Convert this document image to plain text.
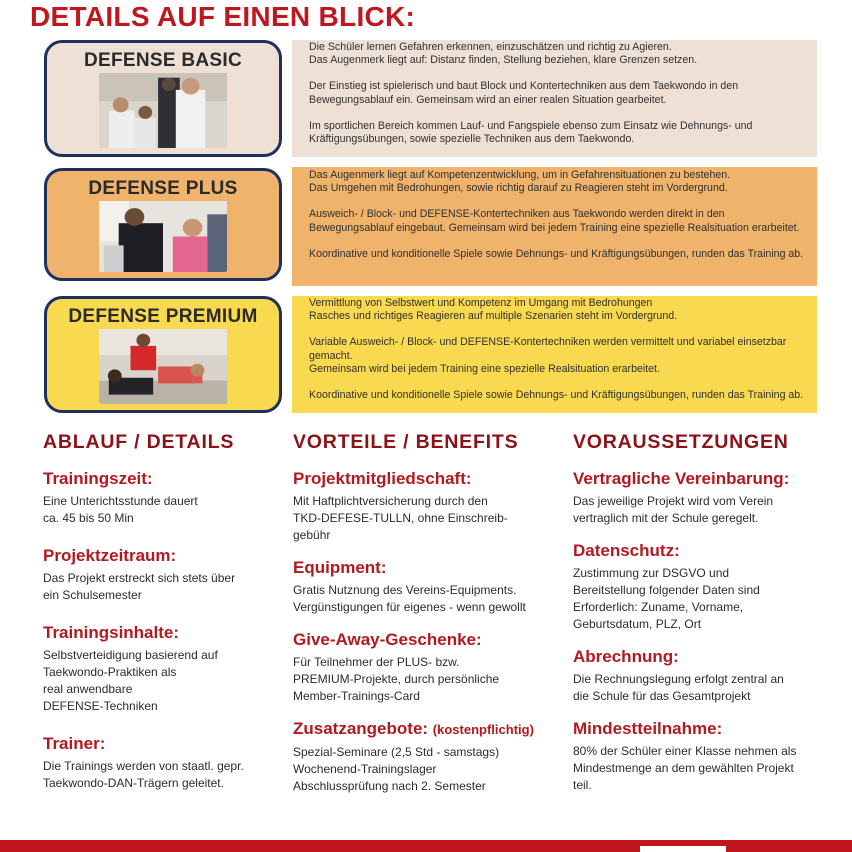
DETAILS AUF EINEN BLICK:
DEFENSE BASIC

Die Schüler lernen Gefahren erkennen, einzuschätzen und richtig zu Agieren.
Das Augenmerk liegt auf: Distanz finden, Stellung beziehen, klare Grenzen setzen.

Der Einstieg ist spielerisch und baut Block und Kontertechniken aus dem Taekwondo in den Bewegungsablauf ein. Gemeinsam wird an einer realen Situation gearbeitet.

Im sportlichen Bereich kommen Lauf- und Fangspiele ebenso zum Einsatz wie Dehnungs- und Kräftigungsübungen, sowie spezielle Techniken aus dem Taekwondo.

DEFENSE PLUS

Das Augenmerk liegt auf Kompetenzentwicklung, um in Gefahrensituationen zu bestehen.
Das Umgehen mit Bedrohungen, sowie richtig darauf zu Reagieren steht im Vordergrund.

Ausweich- / Block- und DEFENSE-Kontertechniken aus Taekwondo werden direkt in den Bewegungsablauf eingebaut. Gemeinsam wird bei jedem Training eine spezielle Realsituation erarbeitet.

Koordinative und konditionelle Spiele sowie Dehnungs- und Kräftigungsübungen, runden das Training ab.

DEFENSE PREMIUM

Vermittlung von Selbstwert und Kompetenz im Umgang mit Bedrohungen
Rasches und richtiges Reagieren auf multiple Szenarien steht im Vordergrund.

Variable Ausweich- / Block- und DEFENSE-Kontertechniken werden vermittelt und variabel einsetzbar gemacht.
Gemeinsam wird bei jedem Training eine spezielle Realsituation erarbeitet.

Koordinative und konditionelle Spiele sowie Dehnungs- und Kräftigungsübungen, runden das Training ab.

ABLAUF / DETAILS
Trainingszeit:
Eine Unterichtsstunde dauert
ca. 45 bis 50 Min
Projektzeitraum:
Das Projekt erstreckt sich stets über
ein Schulsemester
Trainingsinhalte:
Selbstverteidigung basierend auf
Taekwondo-Praktiken als
real anwendbare
DEFENSE-Techniken
Trainer:
Die Trainings werden von staatl. gepr.
Taekwondo-DAN-Trägern geleitet.
VORTEILE / BENEFITS
Projektmitgliedschaft:
Mit Haftplichtversicherung durch den
TKD-DEFESE-TULLN, ohne Einschreib-
gebühr
Equipment:
Gratis Nutznung des Vereins-Equipments.
Vergünstigungen für eigenes - wenn gewollt
Give-Away-Geschenke:
Für Teilnehmer der PLUS- bzw.
PREMIUM-Projekte, durch persönliche
Member-Trainings-Card
Zusatzangebote: (kostenpflichtig)
Spezial-Seminare (2,5 Std - samstags)
Wochenend-Trainingslager
Abschlussprüfung nach 2. Semester
VORAUSSETZUNGEN
Vertragliche Vereinbarung:
Das jeweilige Projekt wird vom Verein
vertraglich mit der Schule geregelt.
Datenschutz:
Zustimmung zur DSGVO und
Bereitstellung folgender Daten sind
Erforderlich: Zuname, Vorname,
Geburtsdatum, PLZ, Ort
Abrechnung:
Die Rechnungslegung erfolgt zentral an
die Schule für das Gesamtprojekt
Mindestteilnahme:
80% der Schüler einer Klasse nehmen als
Mindestmenge an dem gewählten Projekt
teil.
